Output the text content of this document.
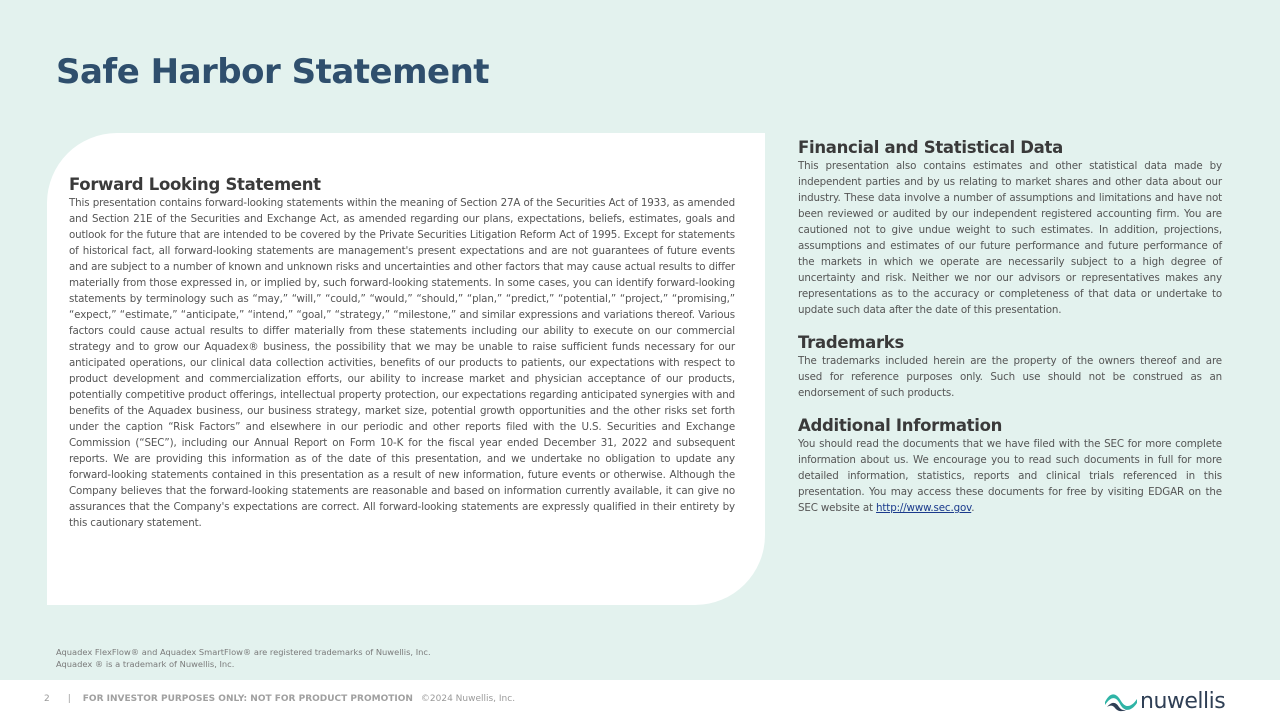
Safe Harbor Statement
Forward Looking Statement

This presentation contains forward-looking statements within the meaning of Section 27A of the Securities Act of 1933, as amended and Section 21E of the Securities and Exchange Act, as amended regarding our plans, expectations, beliefs, estimates, goals and outlook for the future that are intended to be covered by the Private Securities Litigation Reform Act of 1995. Except for statements of historical fact, all forward-looking statements are management's present expectations and are not guarantees of future events and are subject to a number of known and unknown risks and uncertainties and other factors that may cause actual results to differ materially from those expressed in, or implied by, such forward-looking statements. In some cases, you can identify forward-looking statements by terminology such as “may,” “will,” “could,” “would,” “should,” “plan,” “predict,” “potential,” “project,” “promising,” “expect,” “estimate,” “anticipate,” “intend,” “goal,” “strategy,” “milestone,” and similar expressions and variations thereof. Various factors could cause actual results to differ materially from these statements including our ability to execute on our commercial strategy and to grow our Aquadex® business, the possibility that we may be unable to raise sufficient funds necessary for our anticipated operations, our clinical data collection activities, benefits of our products to patients, our expectations with respect to product development and commercialization efforts, our ability to increase market and physician acceptance of our products, potentially competitive product offerings, intellectual property protection, our expectations regarding anticipated synergies with and benefits of the Aquadex business, our business strategy, market size, potential growth opportunities and the other risks set forth under the caption “Risk Factors” and elsewhere in our periodic and other reports filed with the U.S. Securities and Exchange Commission (“SEC”), including our Annual Report on Form 10-K for the fiscal year ended December 31, 2022 and subsequent reports. We are providing this information as of the date of this presentation, and we undertake no obligation to update any forward-looking statements contained in this presentation as a result of new information, future events or otherwise. Although the Company believes that the forward-looking statements are reasonable and based on information currently available, it can give no assurances that the Company's expectations are correct. All forward-looking statements are expressly qualified in their entirety by this cautionary statement.

Financial and Statistical Data

This presentation also contains estimates and other statistical data made by independent parties and by us relating to market shares and other data about our industry. These data involve a number of assumptions and limitations and have not been reviewed or audited by our independent registered accounting firm. You are cautioned not to give undue weight to such estimates. In addition, projections, assumptions and estimates of our future performance and future performance of the markets in which we operate are necessarily subject to a high degree of uncertainty and risk. Neither we nor our advisors or representatives makes any representations as to the accuracy or completeness of that data or undertake to update such data after the date of this presentation.

Trademarks

The trademarks included herein are the property of the owners thereof and are used for reference purposes only. Such use should not be construed as an endorsement of such products.

Additional Information

You should read the documents that we have filed with the SEC for more complete information about us. We encourage you to read such documents in full for more detailed information, statistics, reports and clinical trials referenced in this presentation. You may access these documents for free by visiting EDGAR on the SEC website at http://www.sec.gov.

Aquadex FlexFlow® and Aquadex SmartFlow® are registered trademarks of Nuwellis, Inc.
Aquadex ® is a trademark of Nuwellis, Inc.
2 | FOR INVESTOR PURPOSES ONLY: NOT FOR PRODUCT PROMOTION ©2024 Nuwellis, Inc.	nuwellis
